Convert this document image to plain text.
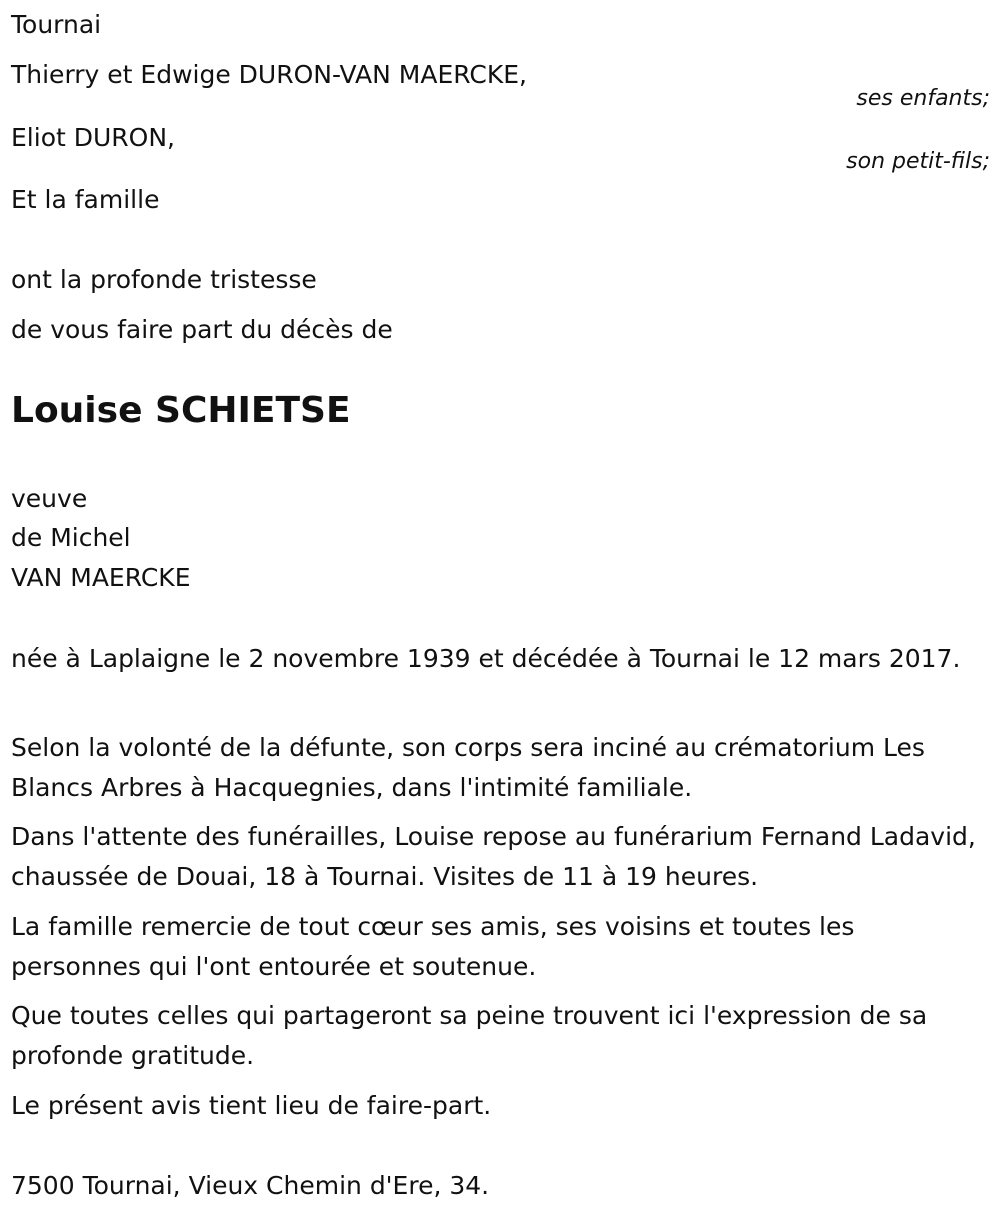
Tournai
Thierry et Edwige DURON-VAN MAERCKE,
ses enfants;
Eliot DURON,
son petit-fils;
Et la famille
ont la profonde tristesse
de vous faire part du décès de
Louise SCHIETSE
veuve
de Michel
VAN MAERCKE
née à Laplaigne le 2 novembre 1939 et décédée à Tournai le 12 mars 2017.
Selon la volonté de la défunte, son corps sera inciné au crématorium Les Blancs Arbres à Hacquegnies, dans l'intimité familiale.
Dans l'attente des funérailles, Louise repose au funérarium Fernand Ladavid, chaussée de Douai, 18 à Tournai. Visites de 11 à 19 heures.
La famille remercie de tout cœur ses amis, ses voisins et toutes les personnes qui l'ont entourée et soutenue.
Que toutes celles qui partageront sa peine trouvent ici l'expression de sa profonde gratitude.
Le présent avis tient lieu de faire-part.
7500 Tournai, Vieux Chemin d'Ere, 34.
